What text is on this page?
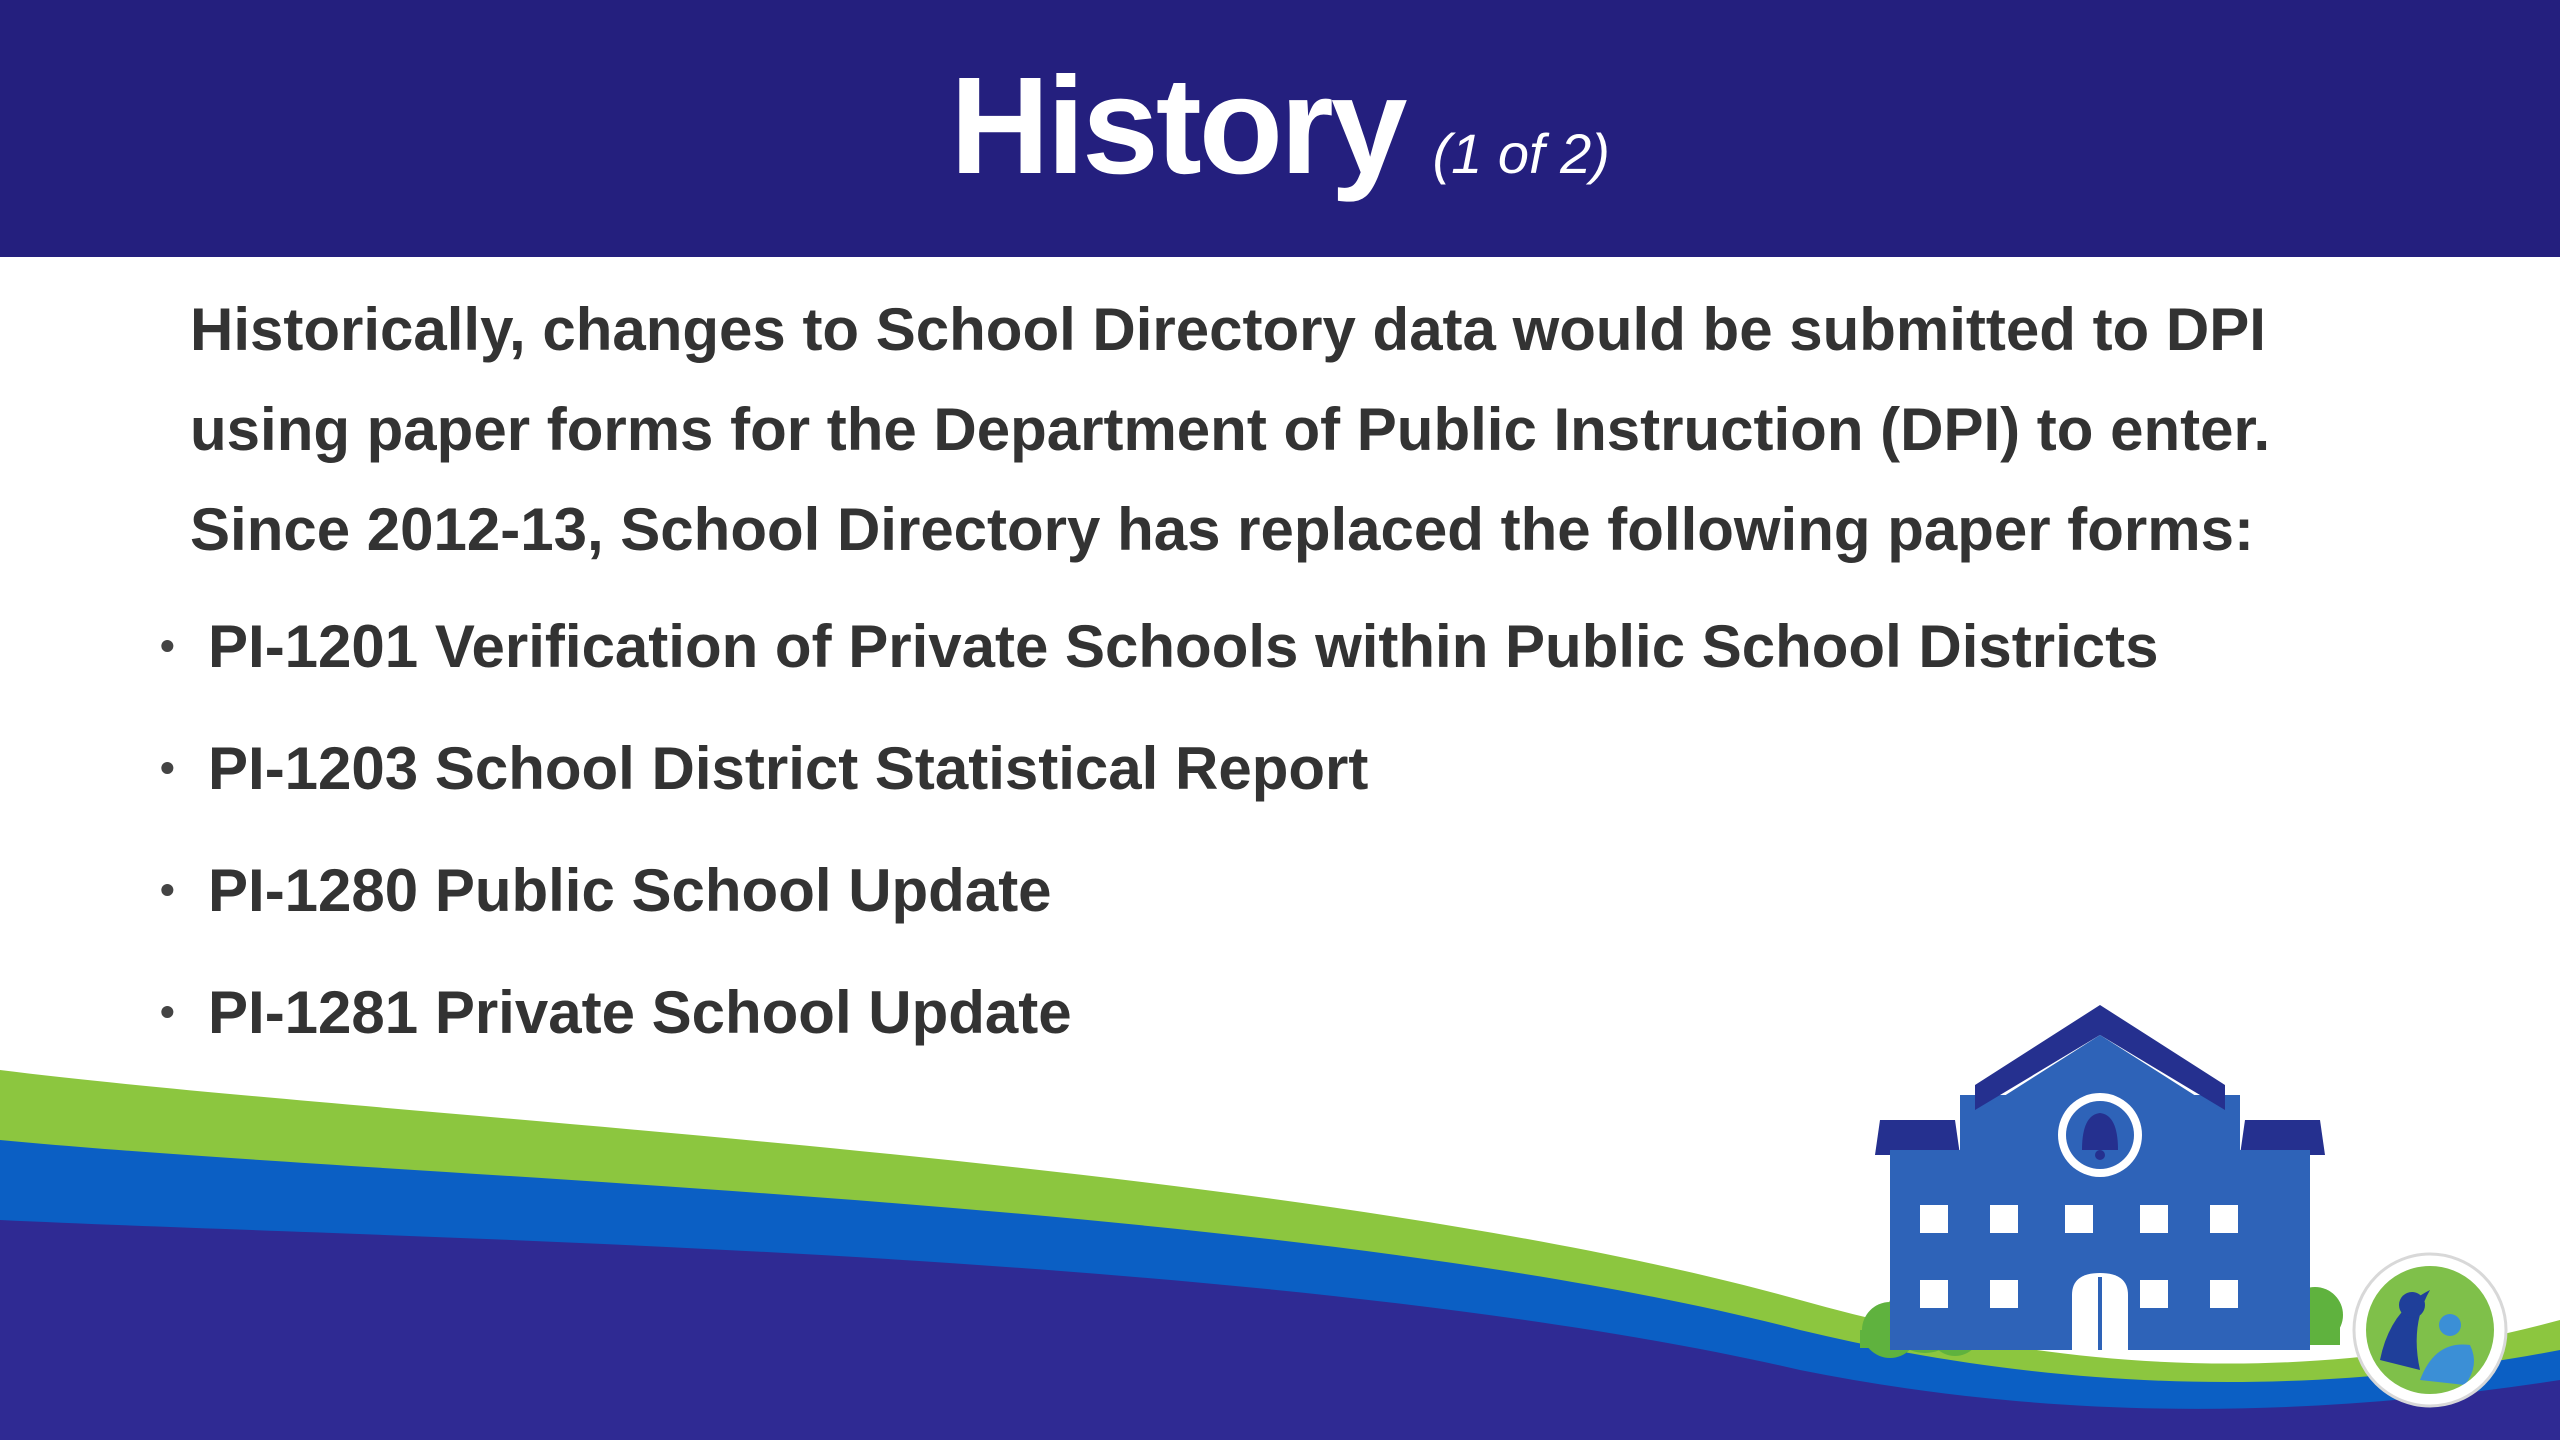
History (1 of 2)

Historically, changes to School Directory data would be submitted to DPI using paper forms for the Department of Public Instruction (DPI) to enter. Since 2012-13, School Directory has replaced the following paper forms:

• PI-1201 Verification of Private Schools within Public School Districts
• PI-1203 School District Statistical Report
• PI-1280 Public School Update
• PI-1281 Private School Update
